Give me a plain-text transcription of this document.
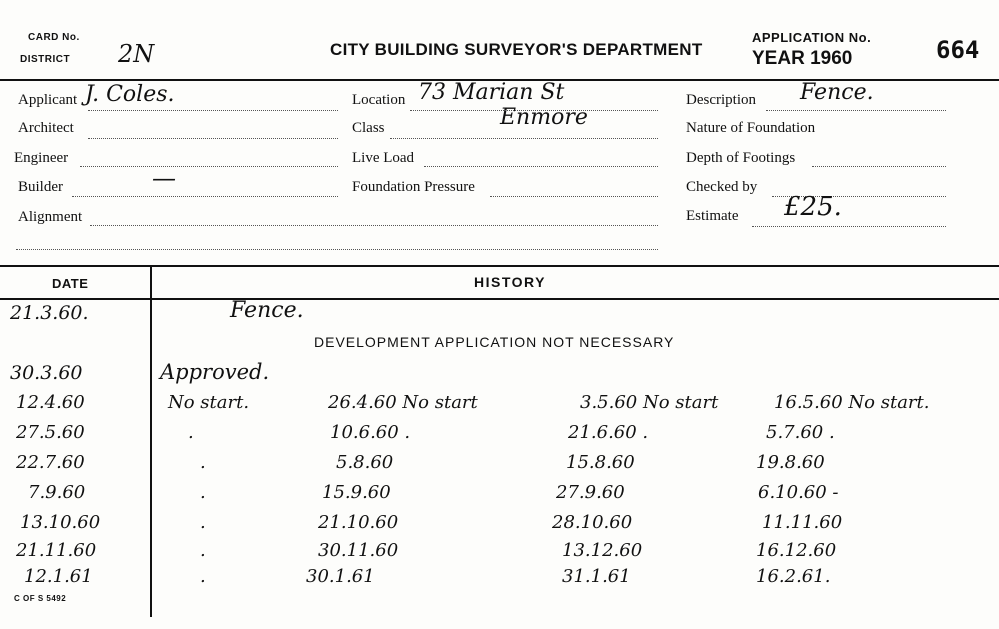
CARD No.
DISTRICT 2N	CITY BUILDING SURVEYOR'S DEPARTMENT
APPLICATION No.
YEAR 1960	664
Applicant J. Coles.
Architect
Engineer
Builder	—
Alignment
Location 73 Marian St
Enmore
Class
Live Load
Foundation Pressure
Description Fence.
Nature of Foundation
Depth of Footings
Checked by
Estimate £25.
DATE	HISTORY
21.3.60.	Fence.
DEVELOPMENT APPLICATION NOT NECESSARY
30.3.60	Approved.
12.4.60	No start.	26.4.60 No start	3.5.60 No start	16.5.60 No start.
27.5.60	.	10.6.60 .	21.6.60 .	5.7.60 .
22.7.60	.	5.8.60	15.8.60	19.8.60
7.9.60	.	15.9.60	27.9.60	6.10.60 -
13.10.60	.	21.10.60	28.10.60	11.11.60
21.11.60	.	30.11.60	13.12.60	16.12.60
12.1.61	.	30.1.61	31.1.61	16.2.61.
C OF S 5492
